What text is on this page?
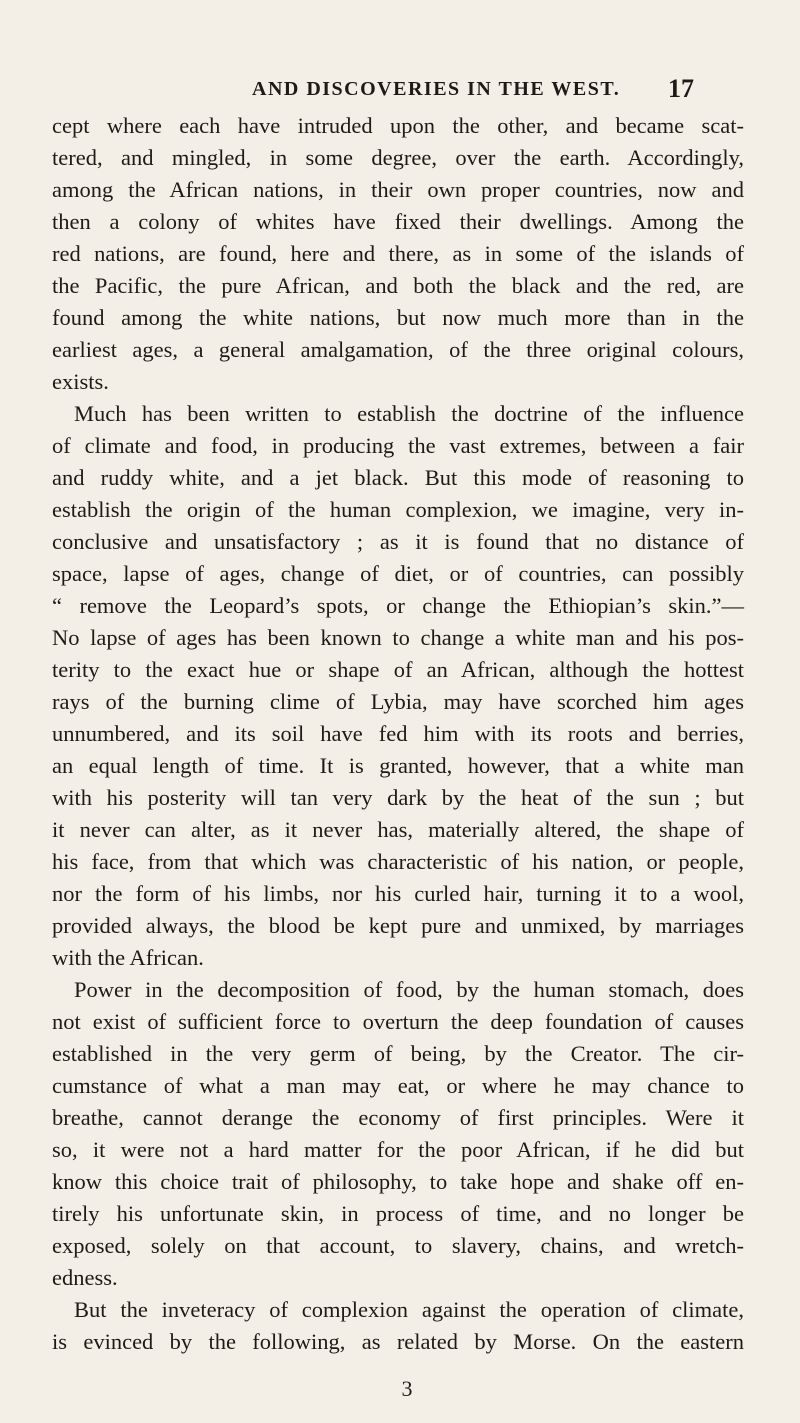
AND DISCOVERIES IN THE WEST. 17
cept where each have intruded upon the other, and became scat-
tered, and mingled, in some degree, over the earth. Accordingly,
among the African nations, in their own proper countries, now and
then a colony of whites have fixed their dwellings. Among the
red nations, are found, here and there, as in some of the islands of
the Pacific, the pure African, and both the black and the red, are
found among the white nations, but now much more than in the
earliest ages, a general amalgamation, of the three original colours,
exists.
Much has been written to establish the doctrine of the influence
of climate and food, in producing the vast extremes, between a fair
and ruddy white, and a jet black. But this mode of reasoning to
establish the origin of the human complexion, we imagine, very in-
conclusive and unsatisfactory ; as it is found that no distance of
space, lapse of ages, change of diet, or of countries, can possibly
“ remove the Leopard’s spots, or change the Ethiopian’s skin.”—
No lapse of ages has been known to change a white man and his pos-
terity to the exact hue or shape of an African, although the hottest
rays of the burning clime of Lybia, may have scorched him ages
unnumbered, and its soil have fed him with its roots and berries,
an equal length of time. It is granted, however, that a white man
with his posterity will tan very dark by the heat of the sun ; but
it never can alter, as it never has, materially altered, the shape of
his face, from that which was characteristic of his nation, or people,
nor the form of his limbs, nor his curled hair, turning it to a wool,
provided always, the blood be kept pure and unmixed, by marriages
with the African.
Power in the decomposition of food, by the human stomach, does
not exist of sufficient force to overturn the deep foundation of causes
established in the very germ of being, by the Creator. The cir-
cumstance of what a man may eat, or where he may chance to
breathe, cannot derange the economy of first principles. Were it
so, it were not a hard matter for the poor African, if he did but
know this choice trait of philosophy, to take hope and shake off en-
tirely his unfortunate skin, in process of time, and no longer be
exposed, solely on that account, to slavery, chains, and wretch-
edness.
But the inveteracy of complexion against the operation of climate,
is evinced by the following, as related by Morse. On the eastern
3
